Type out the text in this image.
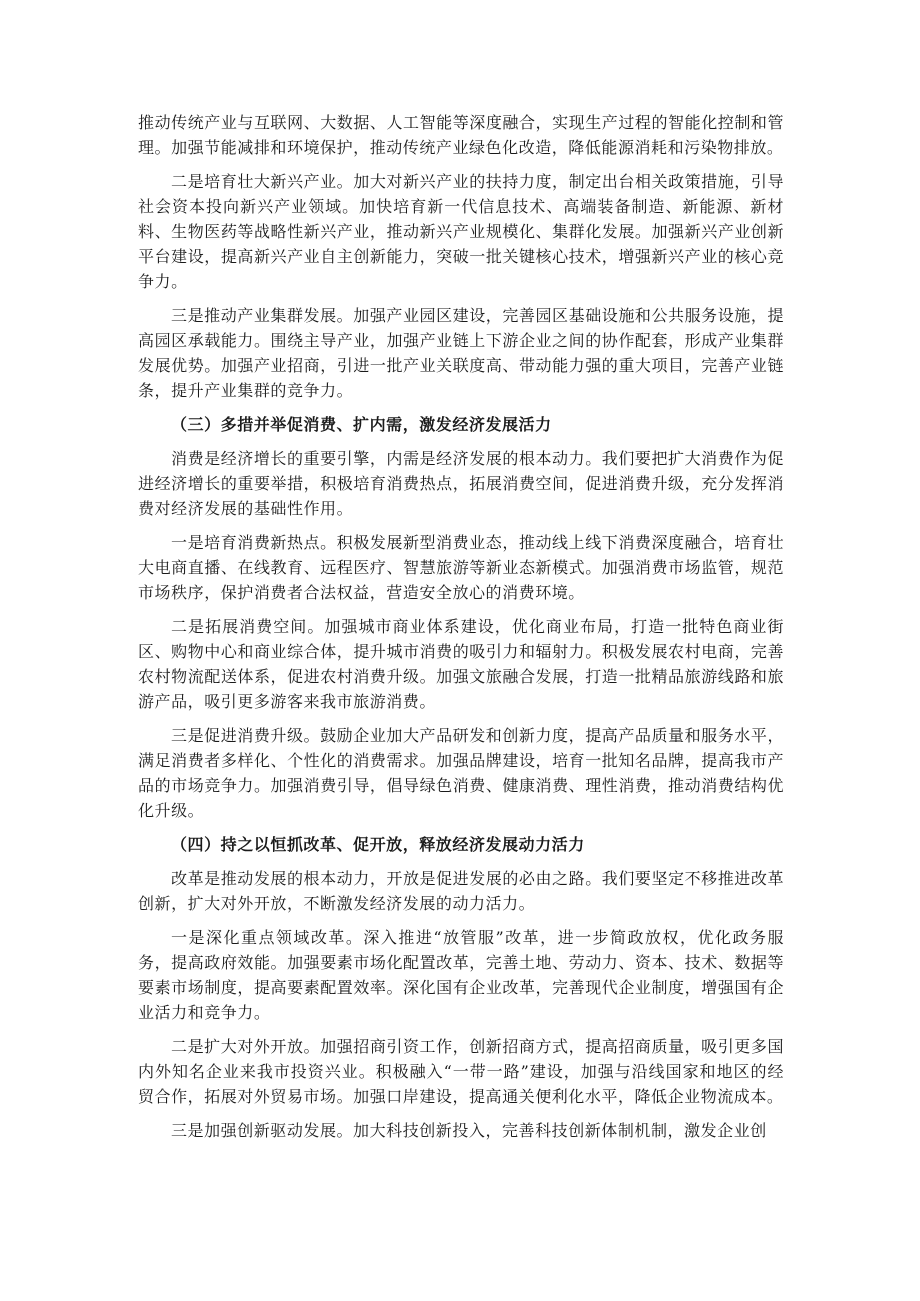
推动传统产业与互联网、大数据、人工智能等深度融合，实现生产过程的智能化控制和管理。加强节能减排和环境保护，推动传统产业绿色化改造，降低能源消耗和污染物排放。

二是培育壮大新兴产业。加大对新兴产业的扶持力度，制定出台相关政策措施，引导社会资本投向新兴产业领域。加快培育新一代信息技术、高端装备制造、新能源、新材料、生物医药等战略性新兴产业，推动新兴产业规模化、集群化发展。加强新兴产业创新平台建设，提高新兴产业自主创新能力，突破一批关键核心技术，增强新兴产业的核心竞争力。

三是推动产业集群发展。加强产业园区建设，完善园区基础设施和公共服务设施，提高园区承载能力。围绕主导产业，加强产业链上下游企业之间的协作配套，形成产业集群发展优势。加强产业招商，引进一批产业关联度高、带动能力强的重大项目，完善产业链条，提升产业集群的竞争力。

（三）多措并举促消费、扩内需，激发经济发展活力

消费是经济增长的重要引擎，内需是经济发展的根本动力。我们要把扩大消费作为促进经济增长的重要举措，积极培育消费热点，拓展消费空间，促进消费升级，充分发挥消费对经济发展的基础性作用。

一是培育消费新热点。积极发展新型消费业态，推动线上线下消费深度融合，培育壮大电商直播、在线教育、远程医疗、智慧旅游等新业态新模式。加强消费市场监管，规范市场秩序，保护消费者合法权益，营造安全放心的消费环境。

二是拓展消费空间。加强城市商业体系建设，优化商业布局，打造一批特色商业街区、购物中心和商业综合体，提升城市消费的吸引力和辐射力。积极发展农村电商，完善农村物流配送体系，促进农村消费升级。加强文旅融合发展，打造一批精品旅游线路和旅游产品，吸引更多游客来我市旅游消费。

三是促进消费升级。鼓励企业加大产品研发和创新力度，提高产品质量和服务水平，满足消费者多样化、个性化的消费需求。加强品牌建设，培育一批知名品牌，提高我市产品的市场竞争力。加强消费引导，倡导绿色消费、健康消费、理性消费，推动消费结构优化升级。

（四）持之以恒抓改革、促开放，释放经济发展动力活力

改革是推动发展的根本动力，开放是促进发展的必由之路。我们要坚定不移推进改革创新，扩大对外开放，不断激发经济发展的动力活力。

一是深化重点领域改革。深入推进“放管服”改革，进一步简政放权，优化政务服务，提高政府效能。加强要素市场化配置改革，完善土地、劳动力、资本、技术、数据等要素市场制度，提高要素配置效率。深化国有企业改革，完善现代企业制度，增强国有企业活力和竞争力。

二是扩大对外开放。加强招商引资工作，创新招商方式，提高招商质量，吸引更多国内外知名企业来我市投资兴业。积极融入“一带一路”建设，加强与沿线国家和地区的经贸合作，拓展对外贸易市场。加强口岸建设，提高通关便利化水平，降低企业物流成本。

三是加强创新驱动发展。加大科技创新投入，完善科技创新体制机制，激发企业创
